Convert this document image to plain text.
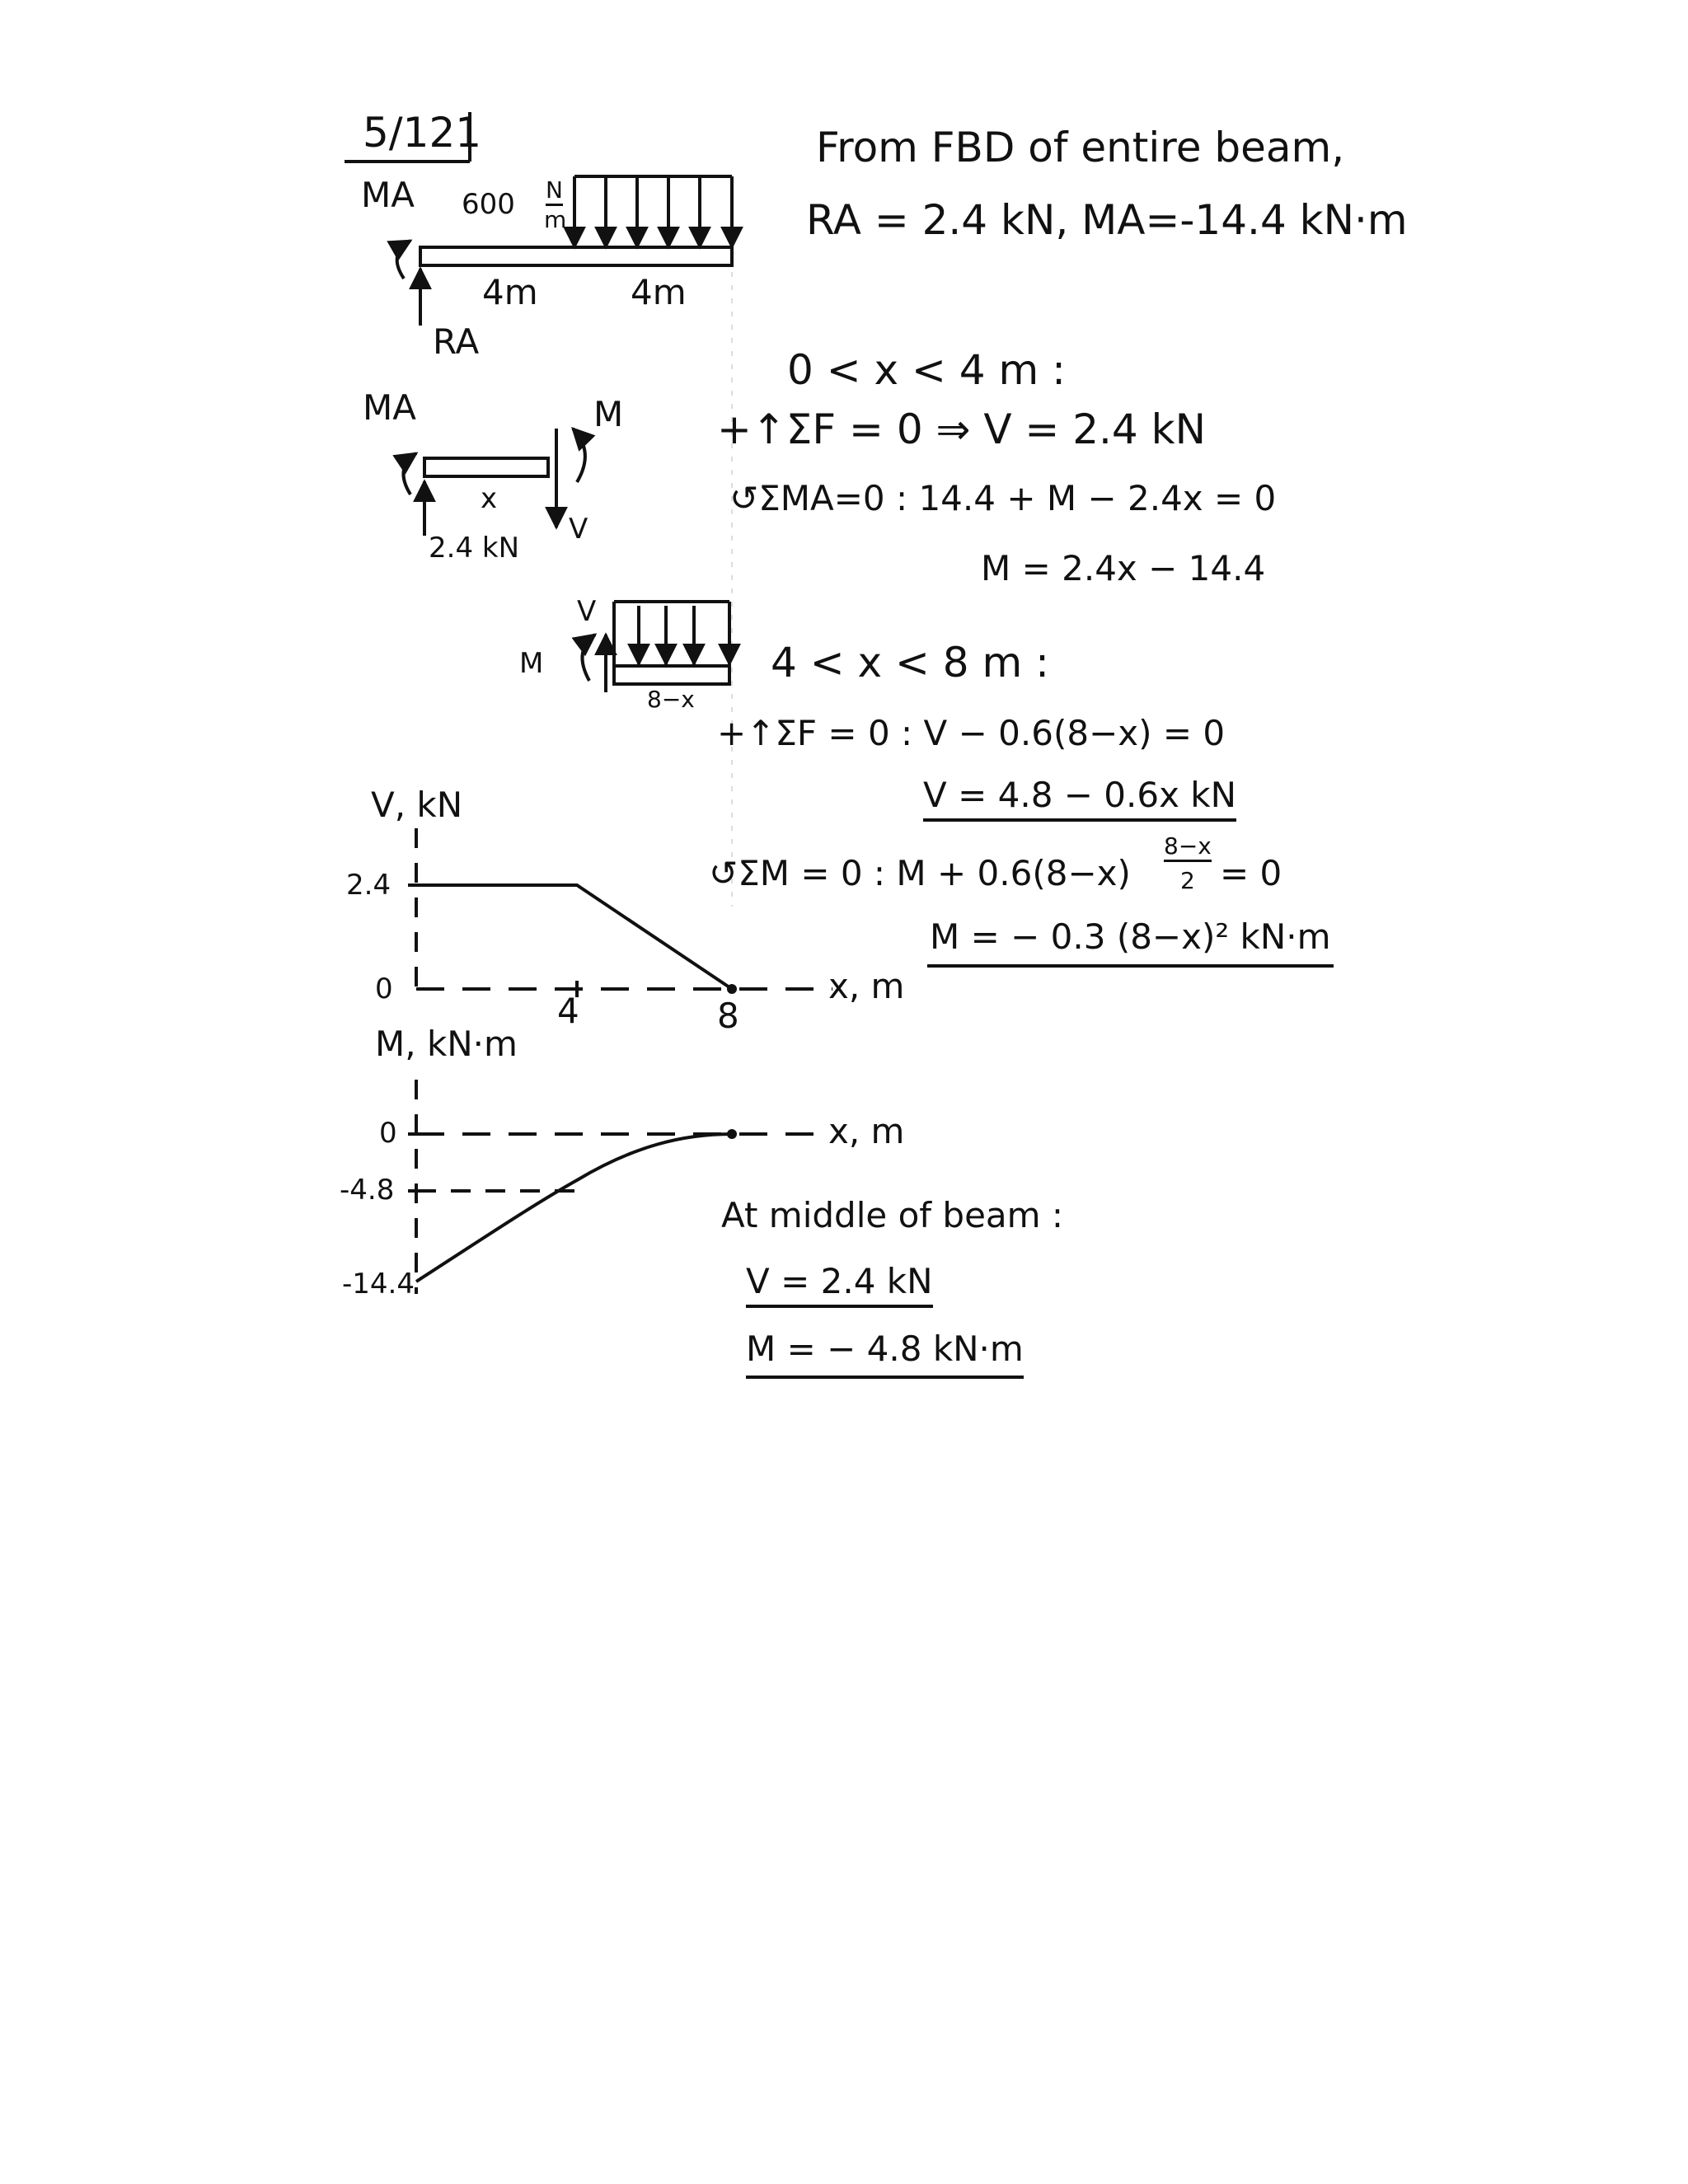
5/121
MA 600 N
m
4m	4m
RA
From FBD of entire beam,
RA = 2.4 kN, MA=-14.4 kN·m
0 < x < 4 m :
+↑ΣF = 0 ⇒ V = 2.4 kN
↺ΣMA=0 : 14.4 + M − 2.4x = 0
M = 2.4x − 14.4
MA	M
x
2.4 kN
V
V
M
8−x
4 < x < 8 m :
+↑ΣF = 0 : V − 0.6(8−x) = 0
V = 4.8 − 0.6x kN
↺ΣM = 0 : M + 0.6(8−x)
8−x
2 = 0
M = − 0.3 (8−x)² kN·m
V, kN
2.4
0
4	8
x, m
M, kN·m
0
-4.8
-14.4
x, m
At middle of beam :
V = 2.4 kN
M = − 4.8 kN·m
